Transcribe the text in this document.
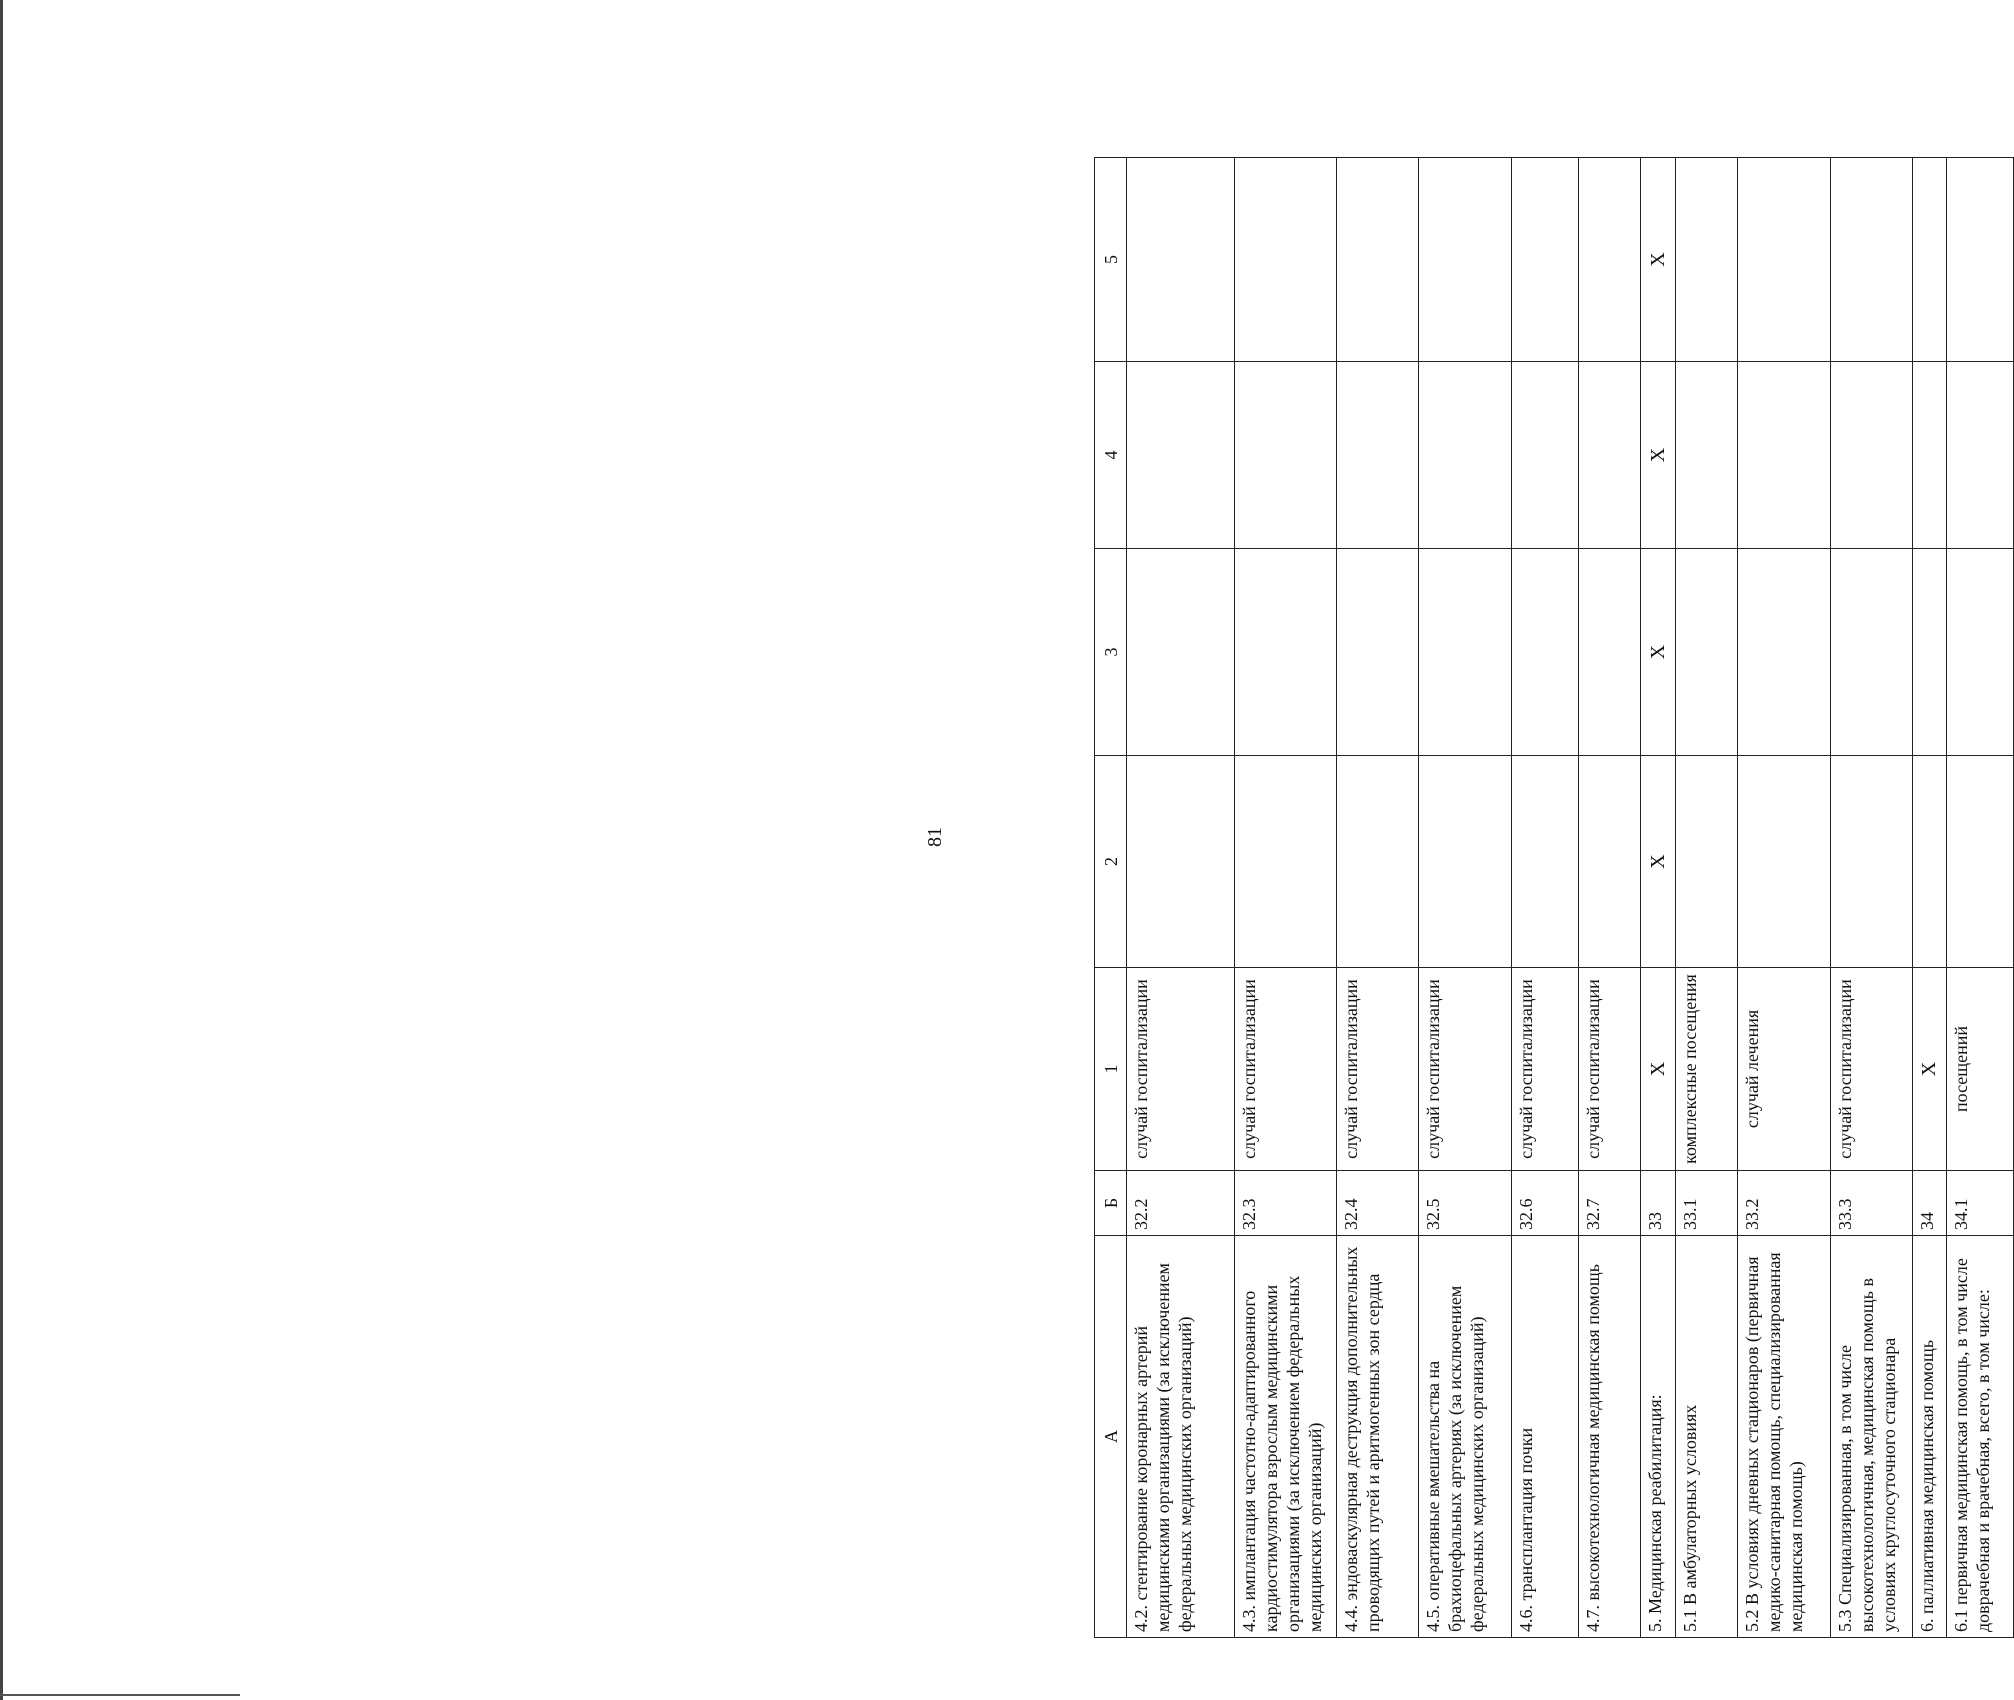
81
А	Б	1	2	3	4	5
4.2. стентирование коронарных артерий медицинскими организациями (за исключением федеральных медицинских организаций)	32.2	случай госпитализации				
4.3. имплантация частотно-адаптированного кардиостимулятора взрослым медицинскими организациями (за исключением федеральных медицинских организаций)	32.3	случай госпитализации				
4.4. эндоваскулярная деструкция дополнительных проводящих путей и аритмогенных зон сердца	32.4	случай госпитализации				
4.5. оперативные вмешательства на брахиоцефальных артериях (за исключением федеральных медицинских организаций)	32.5	случай госпитализации				
4.6. трансплантация почки	32.6	случай госпитализации				
4.7. высокотехнологичная медицинская помощь	32.7	случай госпитализации				
5. Медицинская реабилитация:	33	Х	Х	Х	Х	Х
5.1 В амбулаторных условиях	33.1	комплексные посещения				
5.2 В условиях дневных стационаров (первичная медико-санитарная помощь, специализированная медицинская помощь)	33.2	случай лечения				
5.3 Специализированная, в том числе высокотехнологичная, медицинская помощь в условиях круглосуточного стационара	33.3	случай госпитализации				
6. паллиативная медицинская помощь	34	Х				
6.1 первичная медицинская помощь, в том числе доврачебная и врачебная, всего, в том числе:	34.1	посещений				
